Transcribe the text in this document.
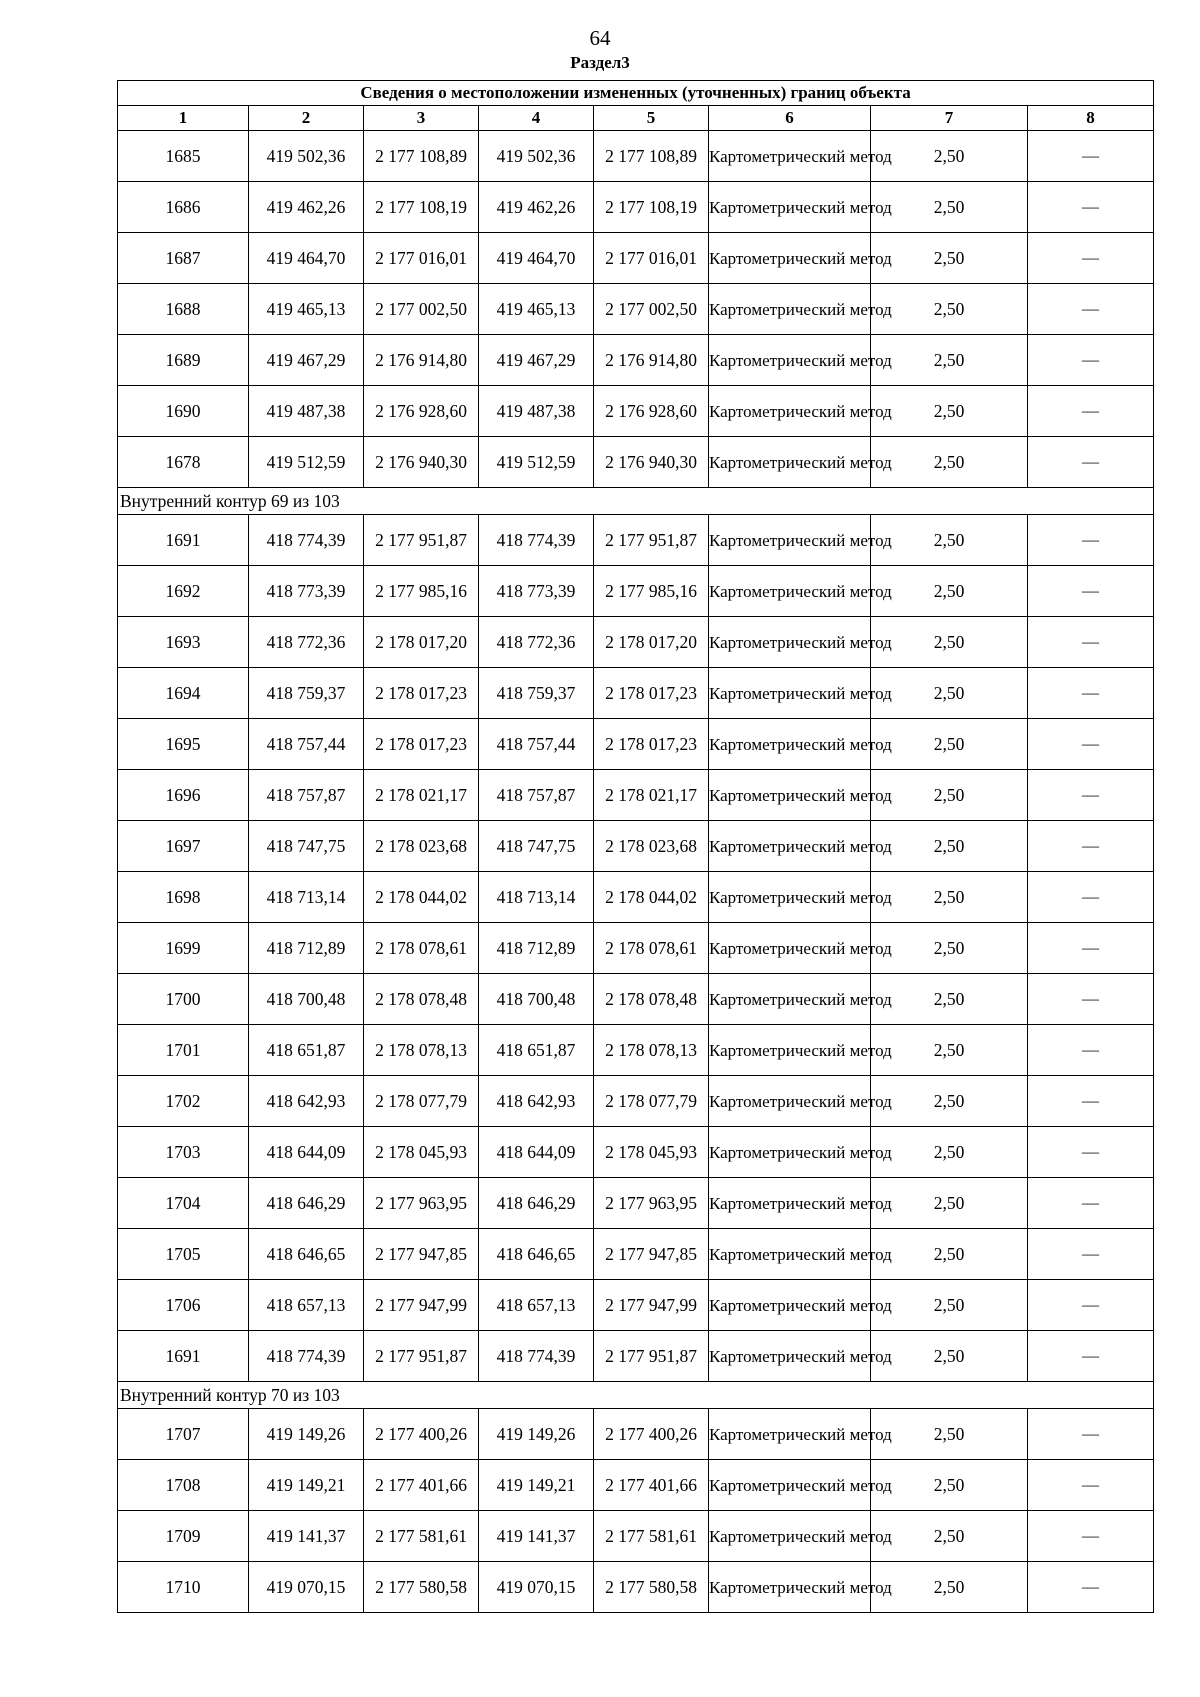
64
Раздел3
Сведения о местоположении измененных (уточненных) границ объекта							
1	2	3	4	5	6	7	8
1685	419 502,36	2 177 108,89	419 502,36	2 177 108,89	Картометрический метод	2,50	—
1686	419 462,26	2 177 108,19	419 462,26	2 177 108,19	Картометрический метод	2,50	—
1687	419 464,70	2 177 016,01	419 464,70	2 177 016,01	Картометрический метод	2,50	—
1688	419 465,13	2 177 002,50	419 465,13	2 177 002,50	Картометрический метод	2,50	—
1689	419 467,29	2 176 914,80	419 467,29	2 176 914,80	Картометрический метод	2,50	—
1690	419 487,38	2 176 928,60	419 487,38	2 176 928,60	Картометрический метод	2,50	—
1678	419 512,59	2 176 940,30	419 512,59	2 176 940,30	Картометрический метод	2,50	—
Внутренний контур 69 из 103							
1691	418 774,39	2 177 951,87	418 774,39	2 177 951,87	Картометрический метод	2,50	—
1692	418 773,39	2 177 985,16	418 773,39	2 177 985,16	Картометрический метод	2,50	—
1693	418 772,36	2 178 017,20	418 772,36	2 178 017,20	Картометрический метод	2,50	—
1694	418 759,37	2 178 017,23	418 759,37	2 178 017,23	Картометрический метод	2,50	—
1695	418 757,44	2 178 017,23	418 757,44	2 178 017,23	Картометрический метод	2,50	—
1696	418 757,87	2 178 021,17	418 757,87	2 178 021,17	Картометрический метод	2,50	—
1697	418 747,75	2 178 023,68	418 747,75	2 178 023,68	Картометрический метод	2,50	—
1698	418 713,14	2 178 044,02	418 713,14	2 178 044,02	Картометрический метод	2,50	—
1699	418 712,89	2 178 078,61	418 712,89	2 178 078,61	Картометрический метод	2,50	—
1700	418 700,48	2 178 078,48	418 700,48	2 178 078,48	Картометрический метод	2,50	—
1701	418 651,87	2 178 078,13	418 651,87	2 178 078,13	Картометрический метод	2,50	—
1702	418 642,93	2 178 077,79	418 642,93	2 178 077,79	Картометрический метод	2,50	—
1703	418 644,09	2 178 045,93	418 644,09	2 178 045,93	Картометрический метод	2,50	—
1704	418 646,29	2 177 963,95	418 646,29	2 177 963,95	Картометрический метод	2,50	—
1705	418 646,65	2 177 947,85	418 646,65	2 177 947,85	Картометрический метод	2,50	—
1706	418 657,13	2 177 947,99	418 657,13	2 177 947,99	Картометрический метод	2,50	—
1691	418 774,39	2 177 951,87	418 774,39	2 177 951,87	Картометрический метод	2,50	—
Внутренний контур 70 из 103							
1707	419 149,26	2 177 400,26	419 149,26	2 177 400,26	Картометрический метод	2,50	—
1708	419 149,21	2 177 401,66	419 149,21	2 177 401,66	Картометрический метод	2,50	—
1709	419 141,37	2 177 581,61	419 141,37	2 177 581,61	Картометрический метод	2,50	—
1710	419 070,15	2 177 580,58	419 070,15	2 177 580,58	Картометрический метод	2,50	—
